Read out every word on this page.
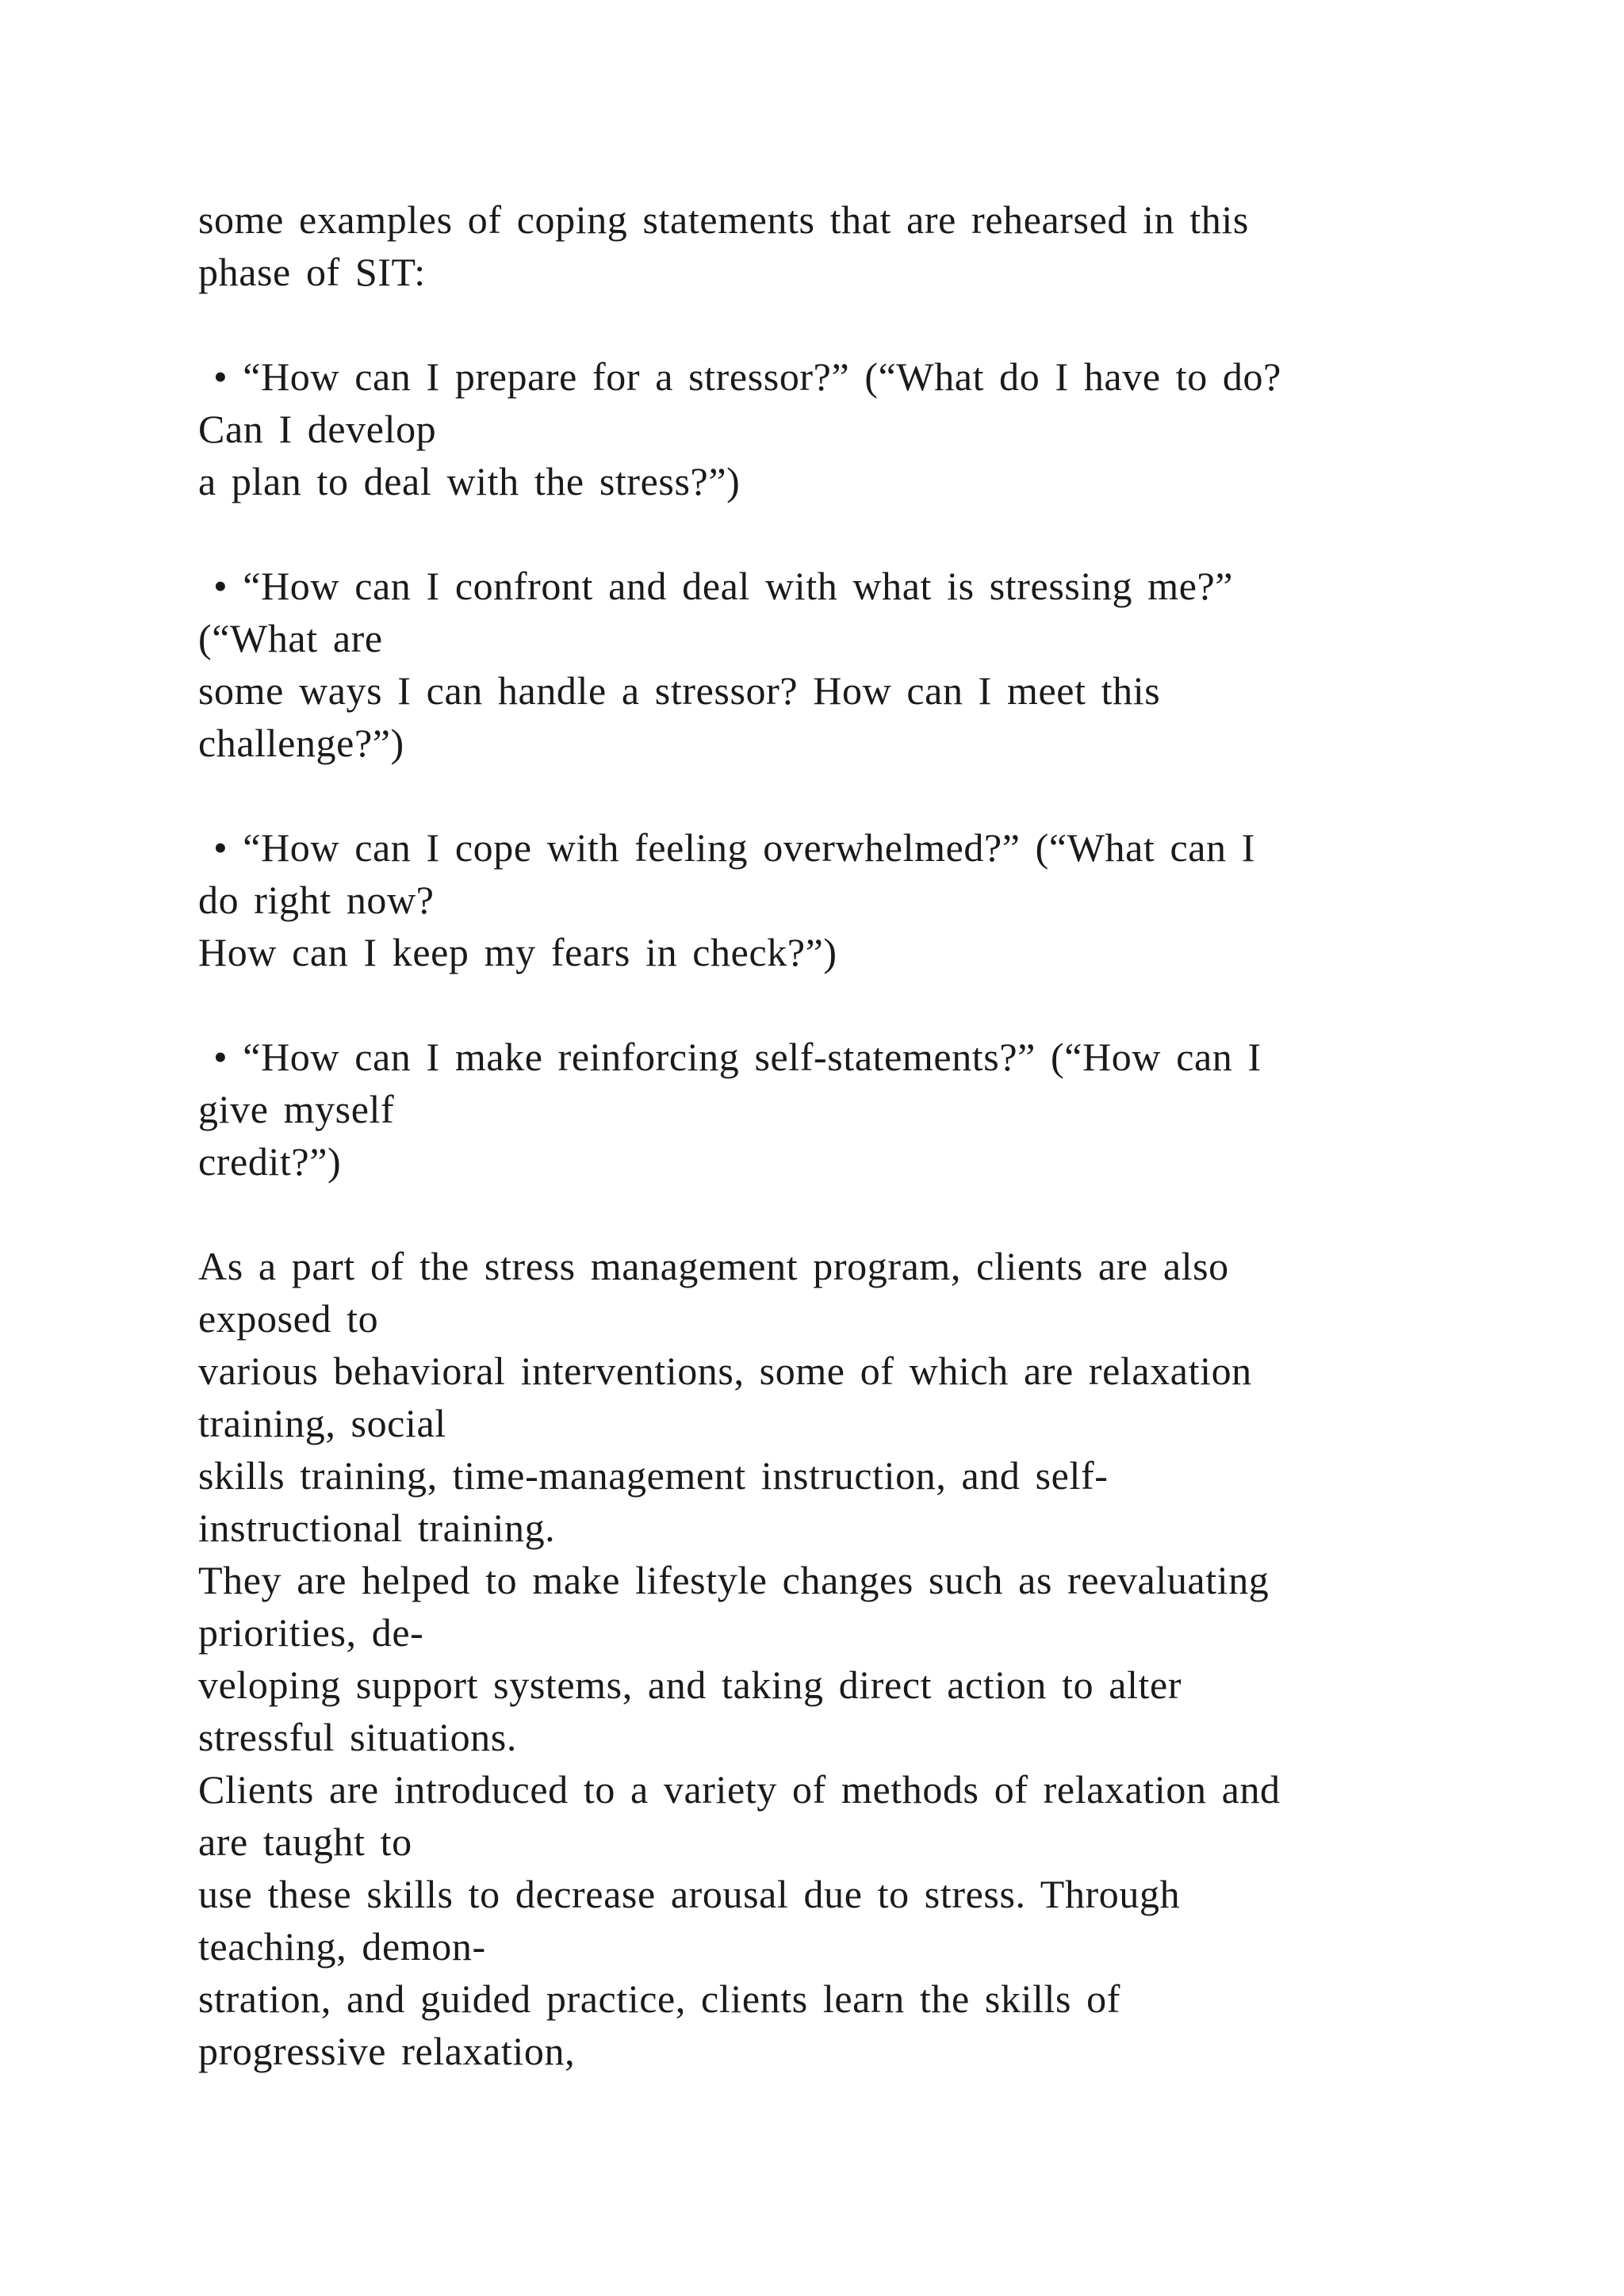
some examples of coping statements that are rehearsed in this
phase of SIT:
• “How can I prepare for a stressor?” (“What do I have to do?
Can I develop
a plan to deal with the stress?”)
• “How can I confront and deal with what is stressing me?”
(“What are
some ways I can handle a stressor? How can I meet this
challenge?”)
• “How can I cope with feeling overwhelmed?” (“What can I
do right now?
How can I keep my fears in check?”)
• “How can I make reinforcing self-statements?” (“How can I
give myself
credit?”)
As a part of the stress management program, clients are also
exposed to
various behavioral interventions, some of which are relaxation
training, social
skills training, time-management instruction, and self-
instructional training.
They are helped to make lifestyle changes such as reevaluating
priorities, de-
veloping support systems, and taking direct action to alter
stressful situations.
Clients are introduced to a variety of methods of relaxation and
are taught to
use these skills to decrease arousal due to stress. Through
teaching, demon-
stration, and guided practice, clients learn the skills of
progressive relaxation,
